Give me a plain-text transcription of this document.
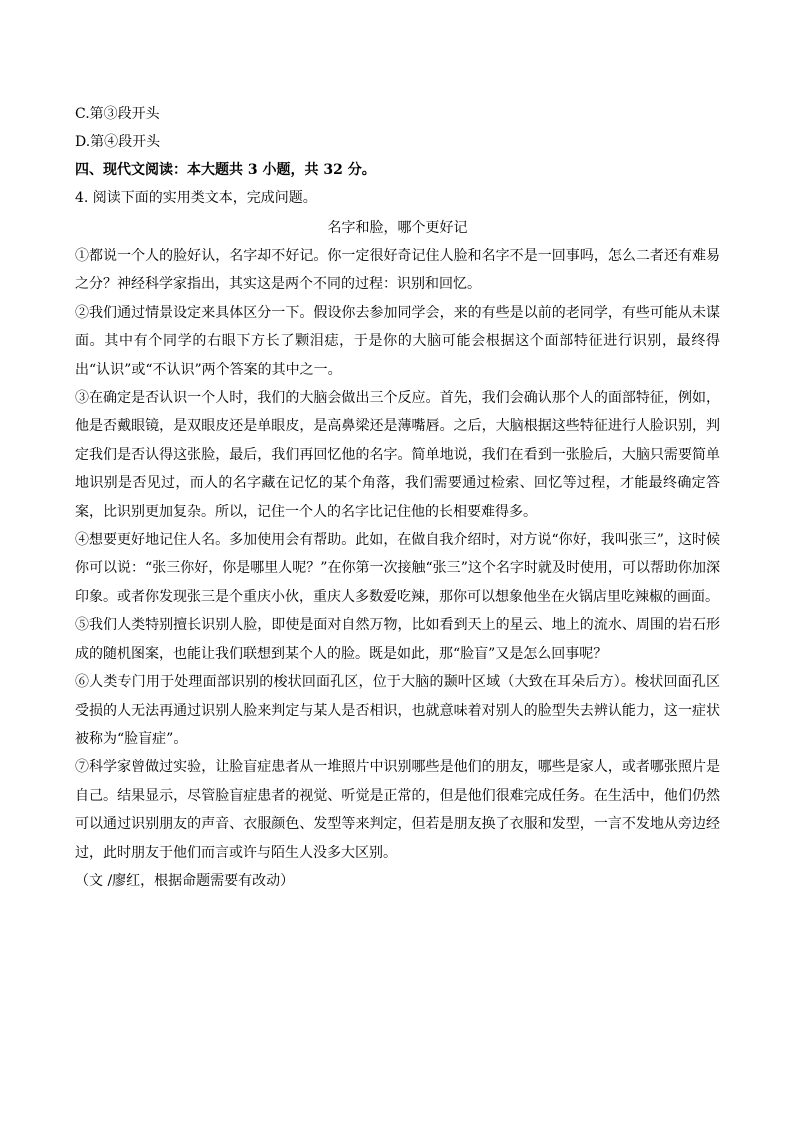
C.第③段开头
D.第④段开头
四、现代文阅读：本大题共 3 小题，共 32 分。
4. 阅读下面的实用类文本，完成问题。
名字和脸，哪个更好记
①都说一个人的脸好认，名字却不好记。你一定很好奇记住人脸和名字不是一回事吗，怎么二者还有难易之分？神经科学家指出，其实这是两个不同的过程：识别和回忆。
②我们通过情景设定来具体区分一下。假设你去参加同学会，来的有些是以前的老同学，有些可能从未谋面。其中有个同学的右眼下方长了颗泪痣，于是你的大脑可能会根据这个面部特征进行识别，最终得出“认识”或“不认识”两个答案的其中之一。
③在确定是否认识一个人时，我们的大脑会做出三个反应。首先，我们会确认那个人的面部特征，例如，他是否戴眼镜，是双眼皮还是单眼皮，是高鼻梁还是薄嘴唇。之后，大脑根据这些特征进行人脸识别，判定我们是否认得这张脸，最后，我们再回忆他的名字。简单地说，我们在看到一张脸后，大脑只需要简单地识别是否见过，而人的名字藏在记忆的某个角落，我们需要通过检索、回忆等过程，才能最终确定答案，比识别更加复杂。所以，记住一个人的名字比记住他的长相要难得多。
④想要更好地记住人名。多加使用会有帮助。此如，在做自我介绍时，对方说“你好，我叫张三”，这时候你可以说：“张三你好，你是哪里人呢？”在你第一次接触“张三”这个名字时就及时使用，可以帮助你加深印象。或者你发现张三是个重庆小伙，重庆人多数爱吃辣，那你可以想象他坐在火锅店里吃辣椒的画面。
⑤我们人类特别擅长识别人脸，即使是面对自然万物，比如看到天上的星云、地上的流水、周围的岩石形成的随机图案，也能让我们联想到某个人的脸。既是如此，那“脸盲”又是怎么回事呢？
⑥人类专门用于处理面部识别的梭状回面孔区，位于大脑的颞叶区域（大致在耳朵后方）。梭状回面孔区受损的人无法再通过识别人脸来判定与某人是否相识，也就意味着对别人的脸型失去辨认能力，这一症状被称为“脸盲症”。
⑦科学家曾做过实验，让脸盲症患者从一堆照片中识别哪些是他们的朋友，哪些是家人，或者哪张照片是自己。结果显示，尽管脸盲症患者的视觉、听觉是正常的，但是他们很难完成任务。在生活中，他们仍然可以通过识别朋友的声音、衣服颜色、发型等来判定，但若是朋友换了衣服和发型，一言不发地从旁边经过，此时朋友于他们而言或许与陌生人没多大区别。
（文 /廖红，根据命题需要有改动）
